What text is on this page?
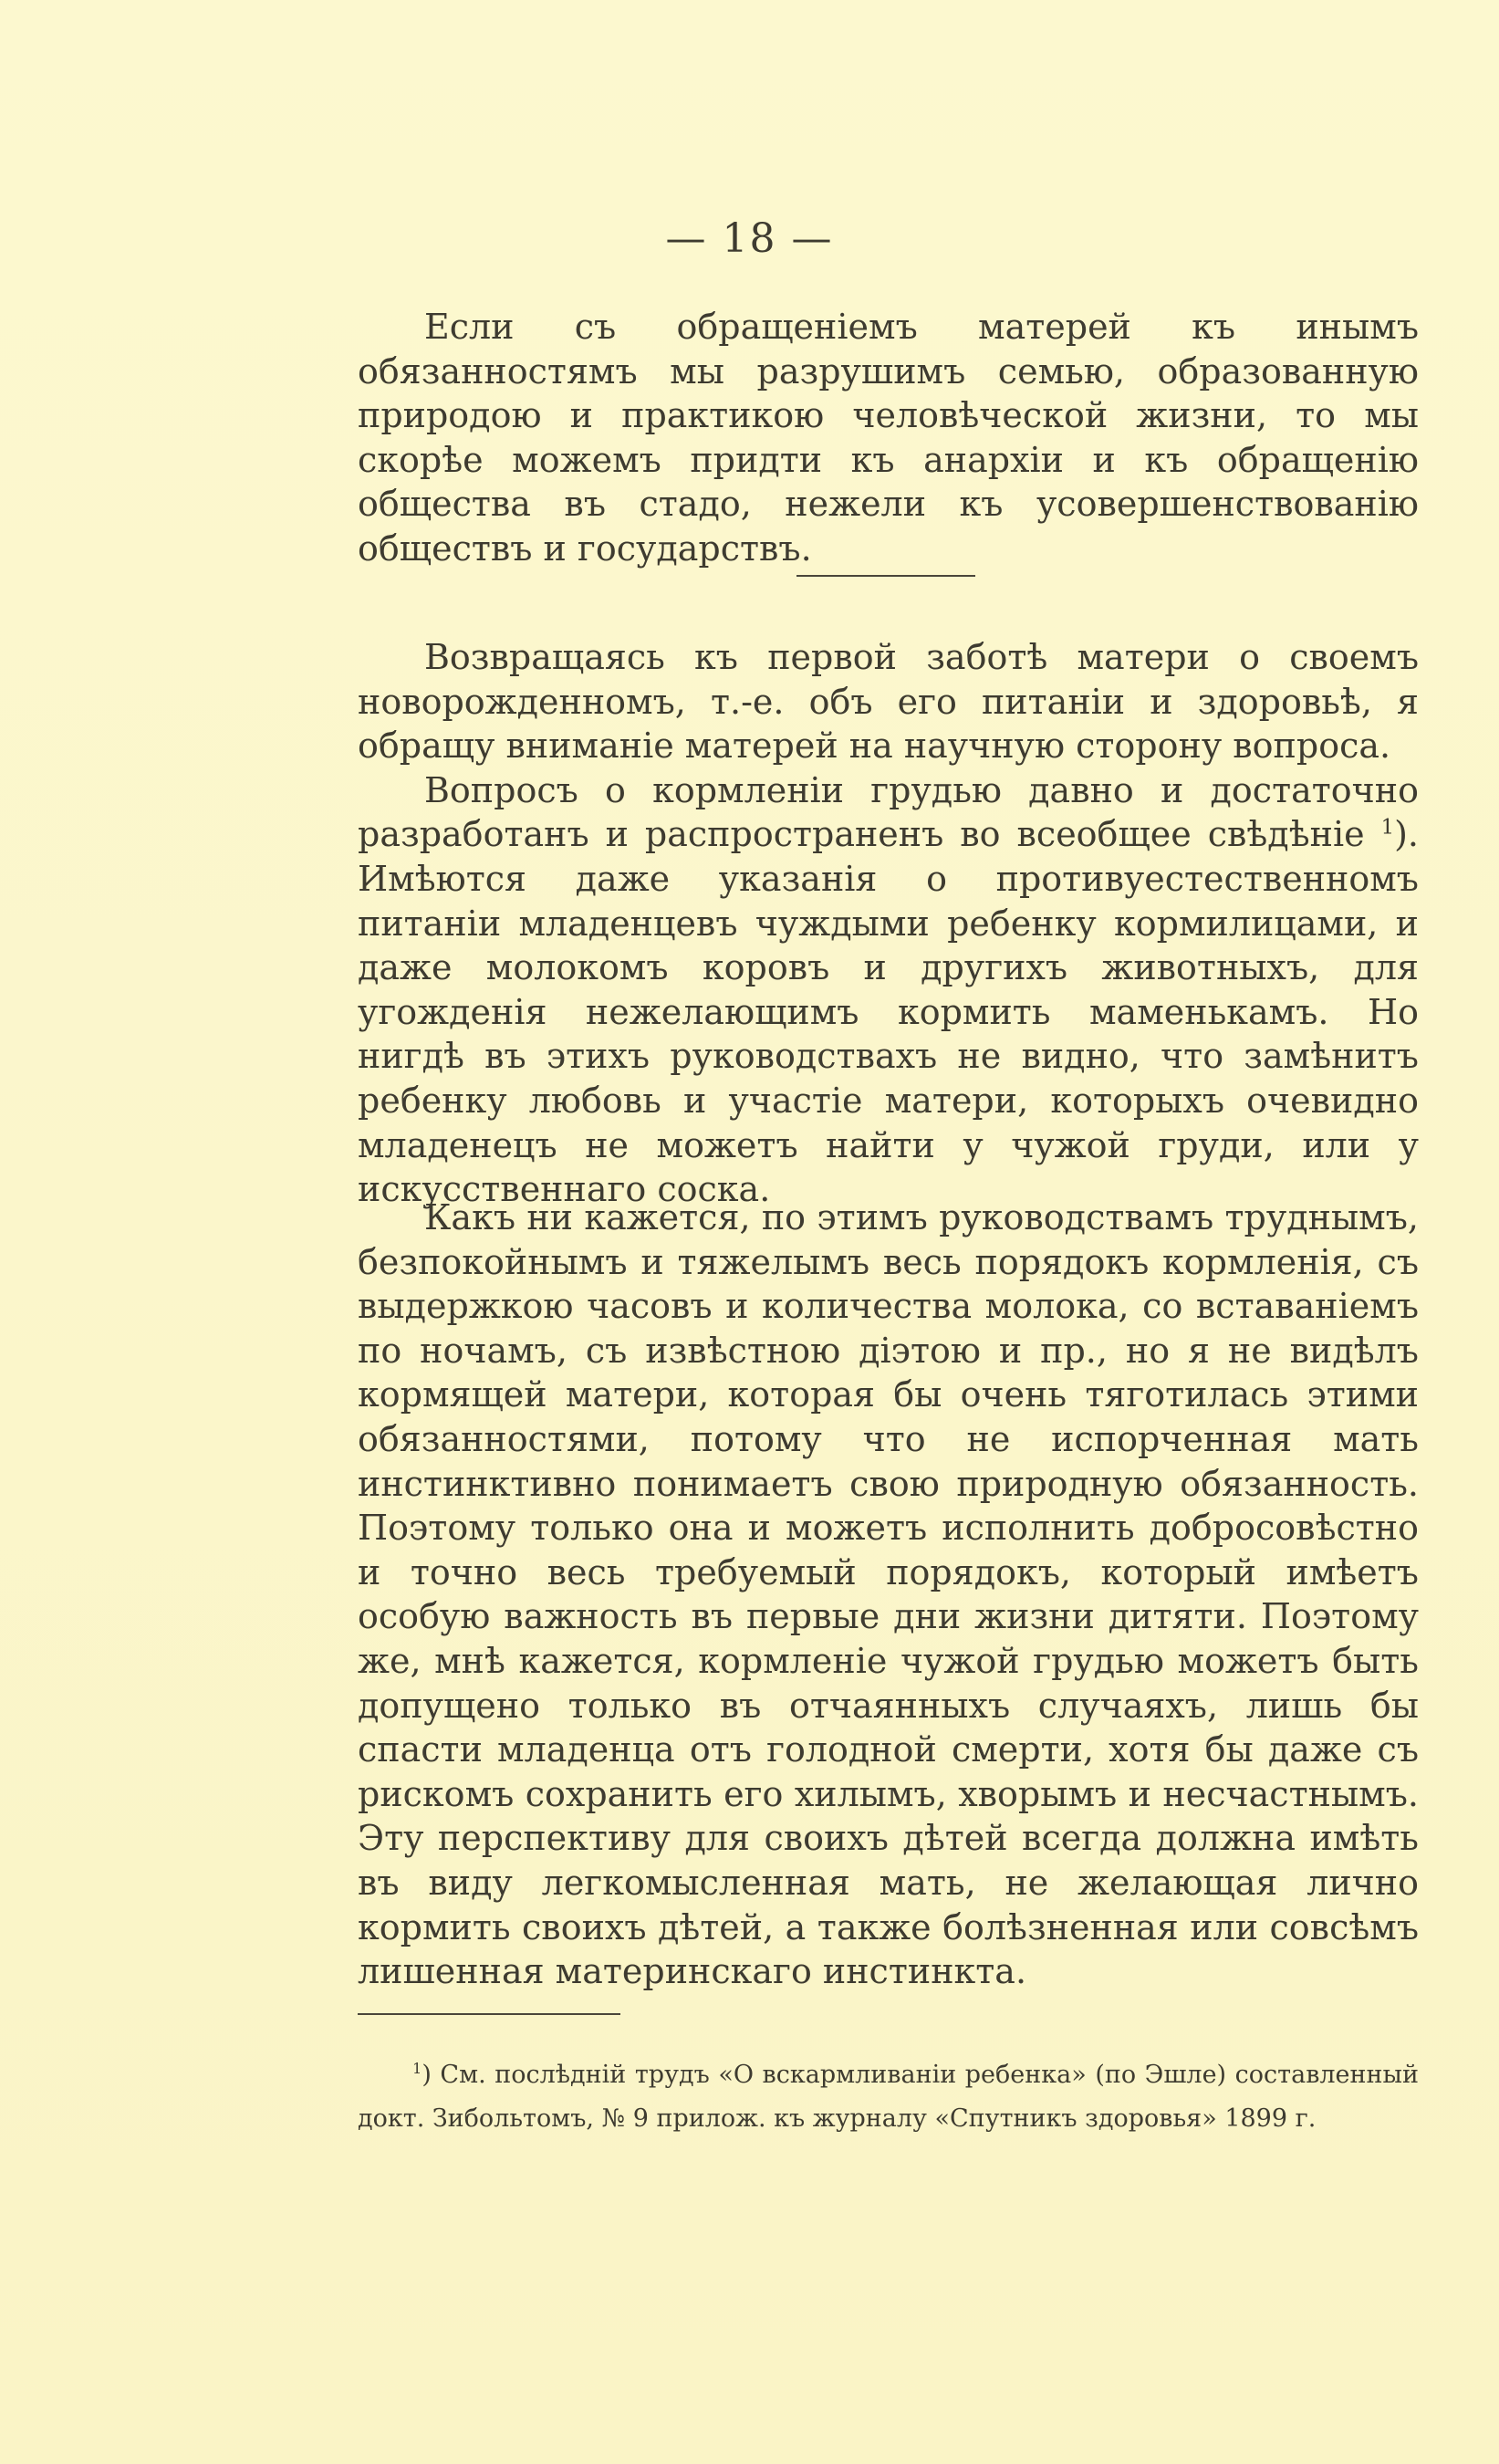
— 18 —

Если съ обращеніемъ матерей къ инымъ обязанностямъ мы разрушимъ семью, образованную природою и практикою человѣческой жизни, то мы скорѣе можемъ придти къ анархіи и къ обращенію общества въ стадо, нежели къ усовершенствованію обществъ и государствъ.

Возвращаясь къ первой заботѣ матери о своемъ новорожденномъ, т.-е. объ его питаніи и здоровьѣ, я обращу вниманіе матерей на научную сторону вопроса.

Вопросъ о кормленіи грудью давно и достаточно разработанъ и распространенъ во всеобщее свѣдѣніе $^1$). Имѣются даже указанія о противуестественномъ питаніи младенцевъ чуждыми ребенку кормилицами, и даже молокомъ коровъ и другихъ животныхъ, для угожденія нежелающимъ кормить маменькамъ. Но нигдѣ въ этихъ руководствахъ не видно, что замѣнитъ ребенку любовь и участіе матери, которыхъ очевидно младенецъ не можетъ найти у чужой груди, или у искусственнаго соска.

Какъ ни кажется, по этимъ руководствамъ труднымъ, безпокойнымъ и тяжелымъ весь порядокъ кормленія, съ выдержкою часовъ и количества молока, со вставаніемъ по ночамъ, съ извѣстною діэтою и пр., но я не видѣлъ кормящей матери, которая бы очень тяготилась этими обязанностями, потому что не испорченная мать инстинктивно понимаетъ свою природную обязанность. Поэтому только она и можетъ исполнить добросовѣстно и точно весь требуемый порядокъ, который имѣетъ особую важность въ первые дни жизни дитяти. Поэтому же, мнѣ кажется, кормленіе чужой грудью можетъ быть допущено только въ отчаянныхъ случаяхъ, лишь бы спасти младенца отъ голодной смерти, хотя бы даже съ рискомъ сохранить его хилымъ, хворымъ и несчастнымъ. Эту перспективу для своихъ дѣтей всегда должна имѣть въ виду легкомысленная мать, не желающая лично кормить своихъ дѣтей, а также болѣзненная или совсѣмъ лишенная материнскаго инстинкта.

$^1$) См. послѣдній трудъ «О вскармливаніи ребенка» (по Эшле) составленный докт. Зибольтомъ, № 9 прилож. къ журналу «Спутникъ здоровья» 1899 г.
